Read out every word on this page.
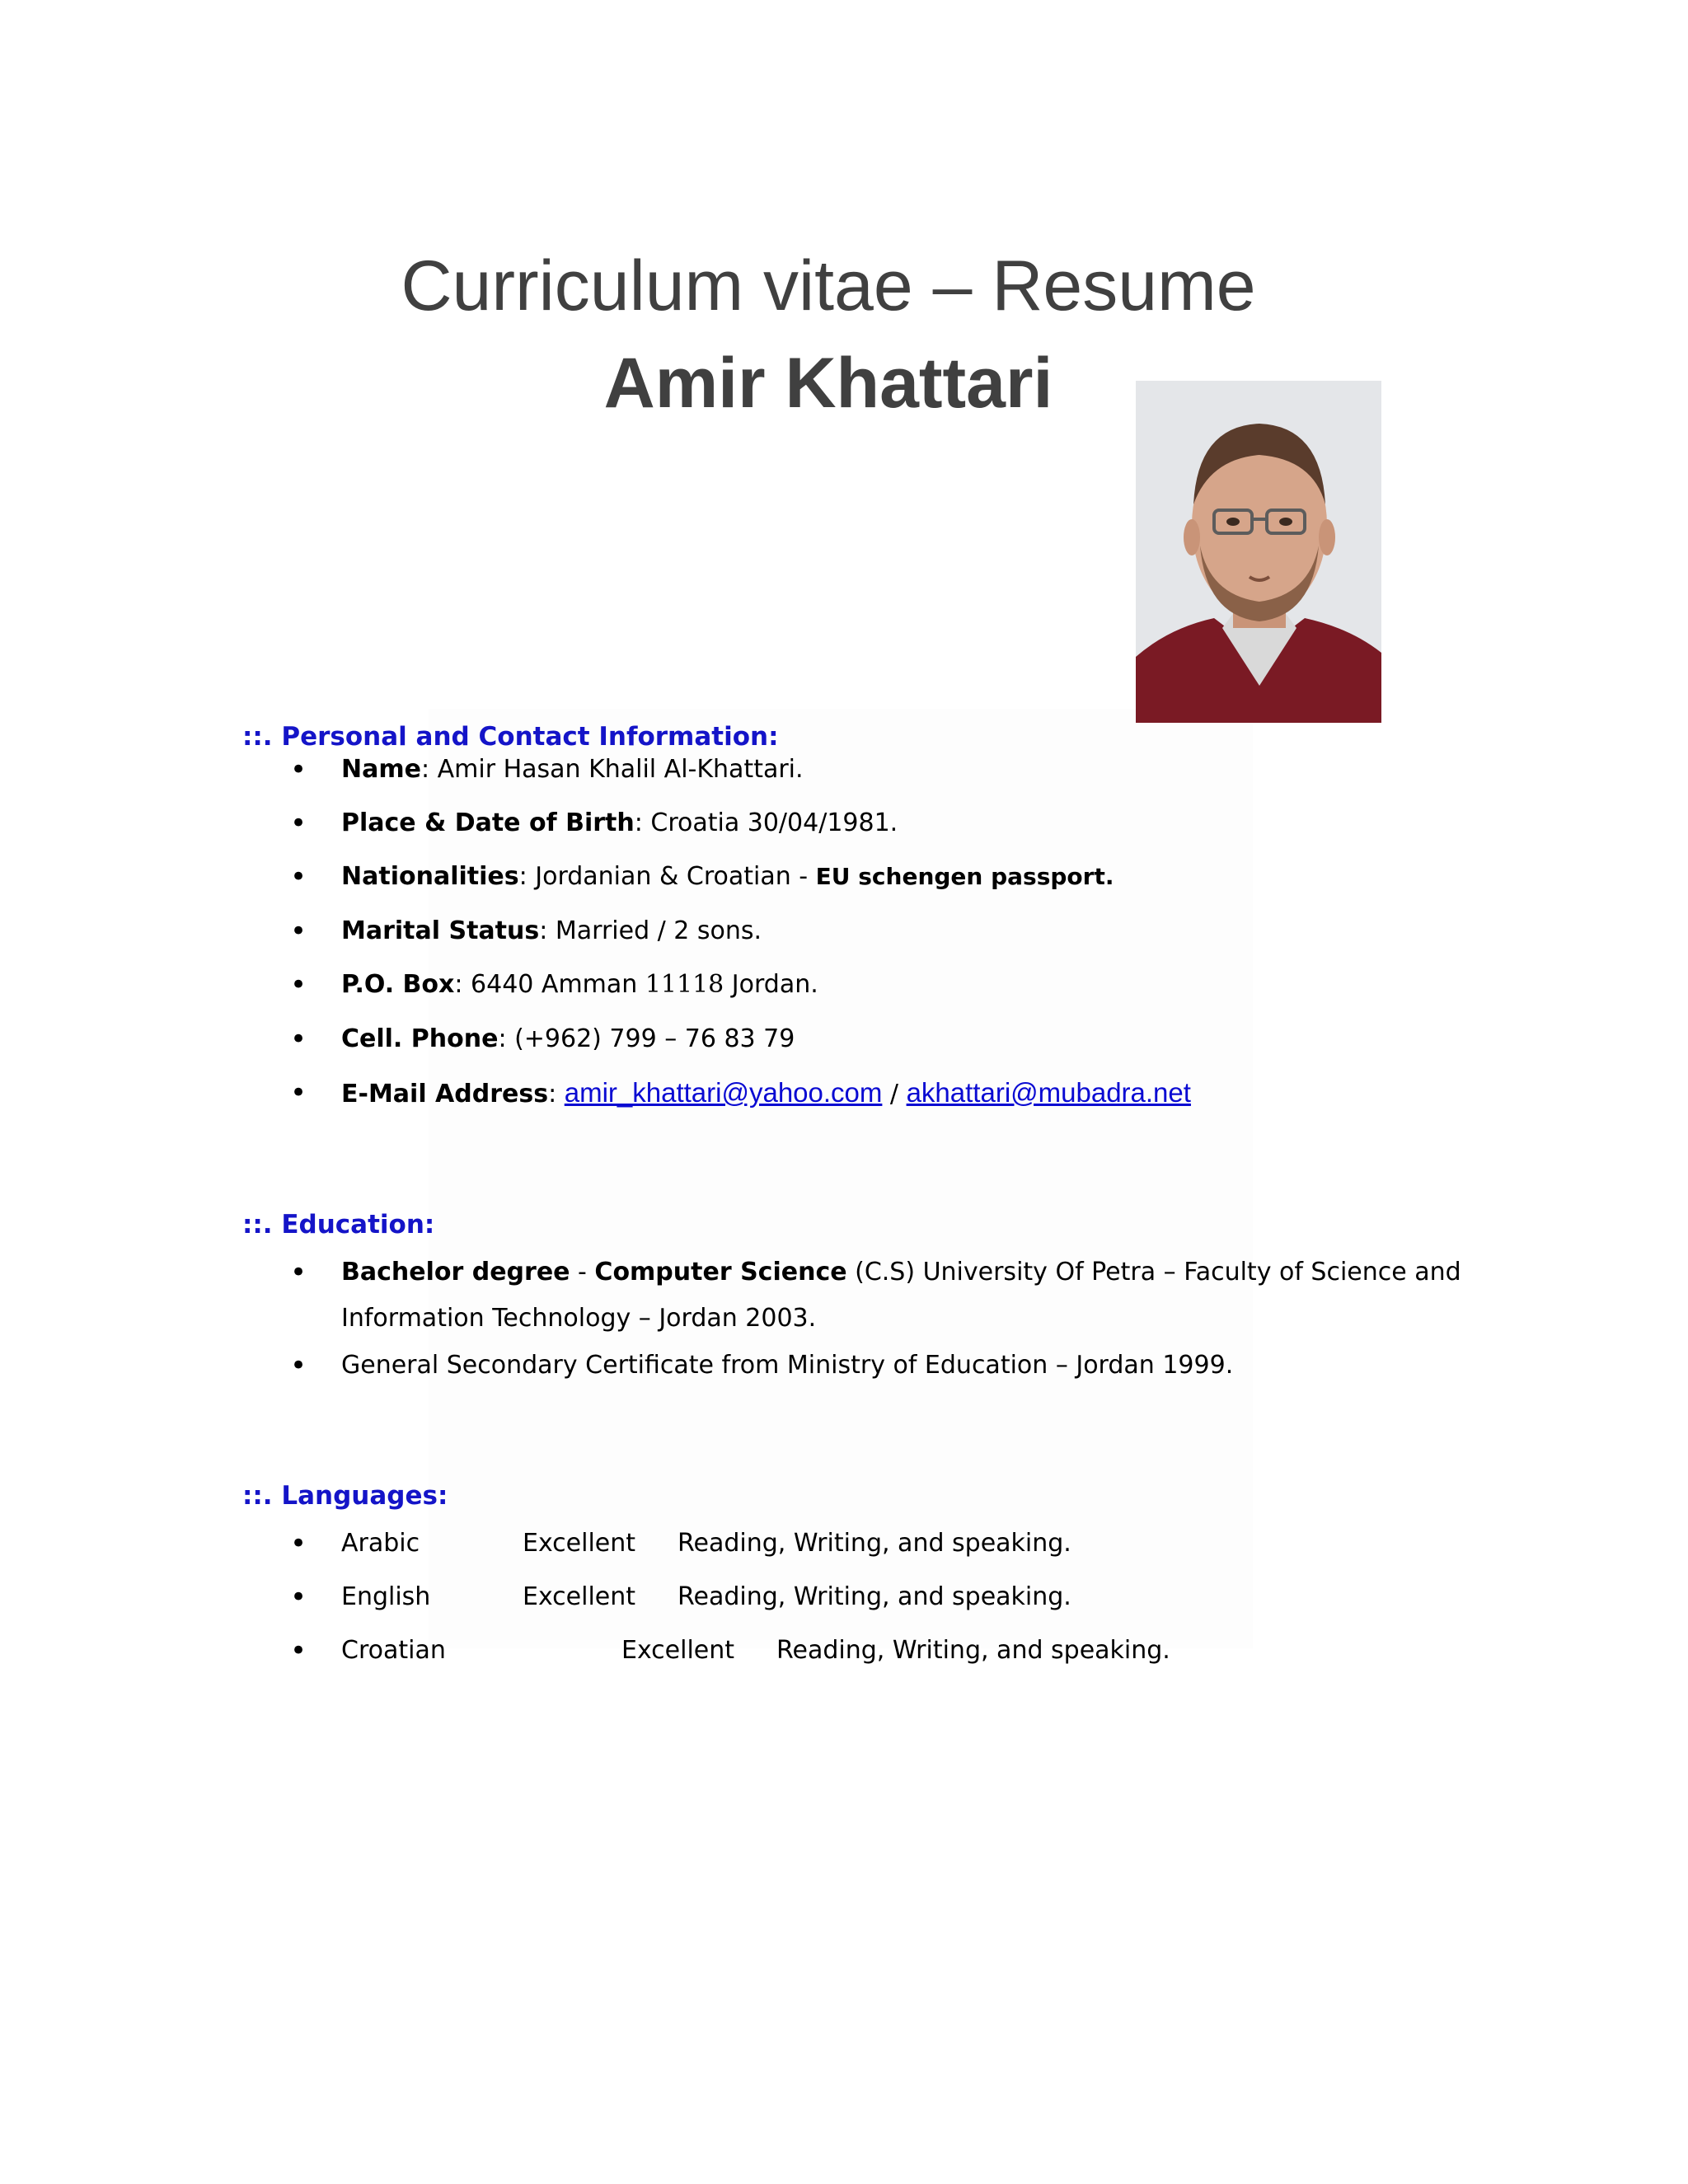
Curriculum vitae – Resume
Amir Khattari
::. Personal and Contact Information:
• Name: Amir Hasan Khalil Al-Khattari.
• Place & Date of Birth: Croatia 30/04/1981.
• Nationalities: Jordanian & Croatian - EU schengen passport.
• Marital Status: Married / 2 sons.
• P.O. Box: 6440 Amman 11118 Jordan.
• Cell. Phone: (+962) 799 – 76 83 79
• E-Mail Address: amir_khattari@yahoo.com / akhattari@mubadra.net
::. Education:
• Bachelor degree - Computer Science (C.S) University Of Petra – Faculty of Science and
Information Technology – Jordan 2003.
• General Secondary Certificate from Ministry of Education – Jordan 1999.
::. Languages:
• Arabic	Excellent Reading, Writing, and speaking.
• English	Excellent Reading, Writing, and speaking.
• Croatian	Excellent Reading, Writing, and speaking.
